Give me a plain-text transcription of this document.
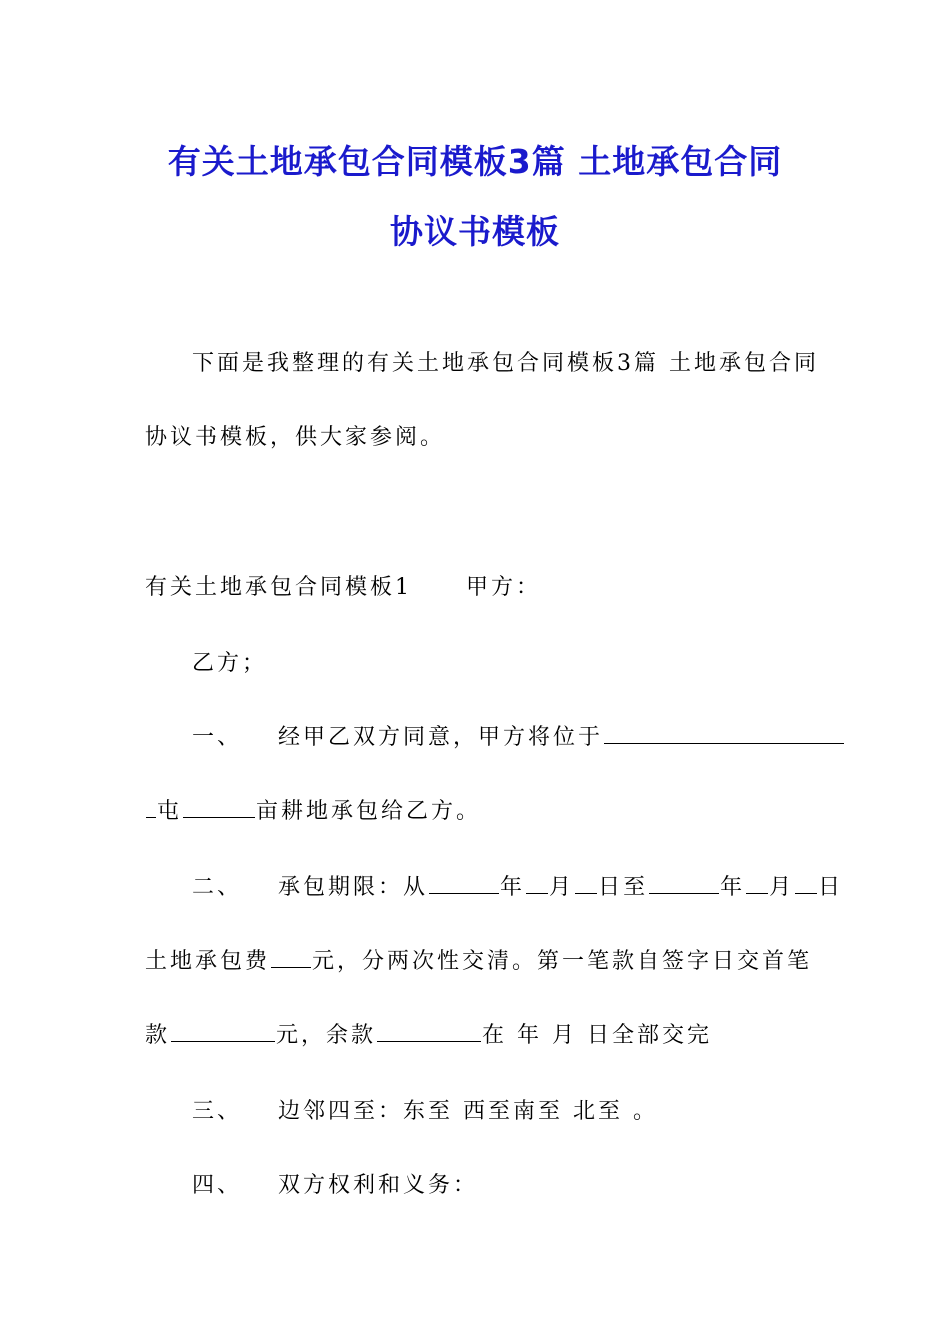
有关土地承包合同模板3篇 土地承包合同
协议书模板
下面是我整理的有关土地承包合同模板3篇 土地承包合同
协议书模板，供大家参阅。
有关土地承包合同模板1 甲方：
乙方；
一、 经甲乙双方同意，甲方将位于
屯	亩耕地承包给乙方。
二、 承包期限：从	年 月 日至	年 月 日
土地承包费 元，分两次性交清。第一笔款自签字日交首笔
款	元，余款	在 年 月 日全部交完
三、 边邻四至：东至 西至南至 北至 。
四、 双方权利和义务：
